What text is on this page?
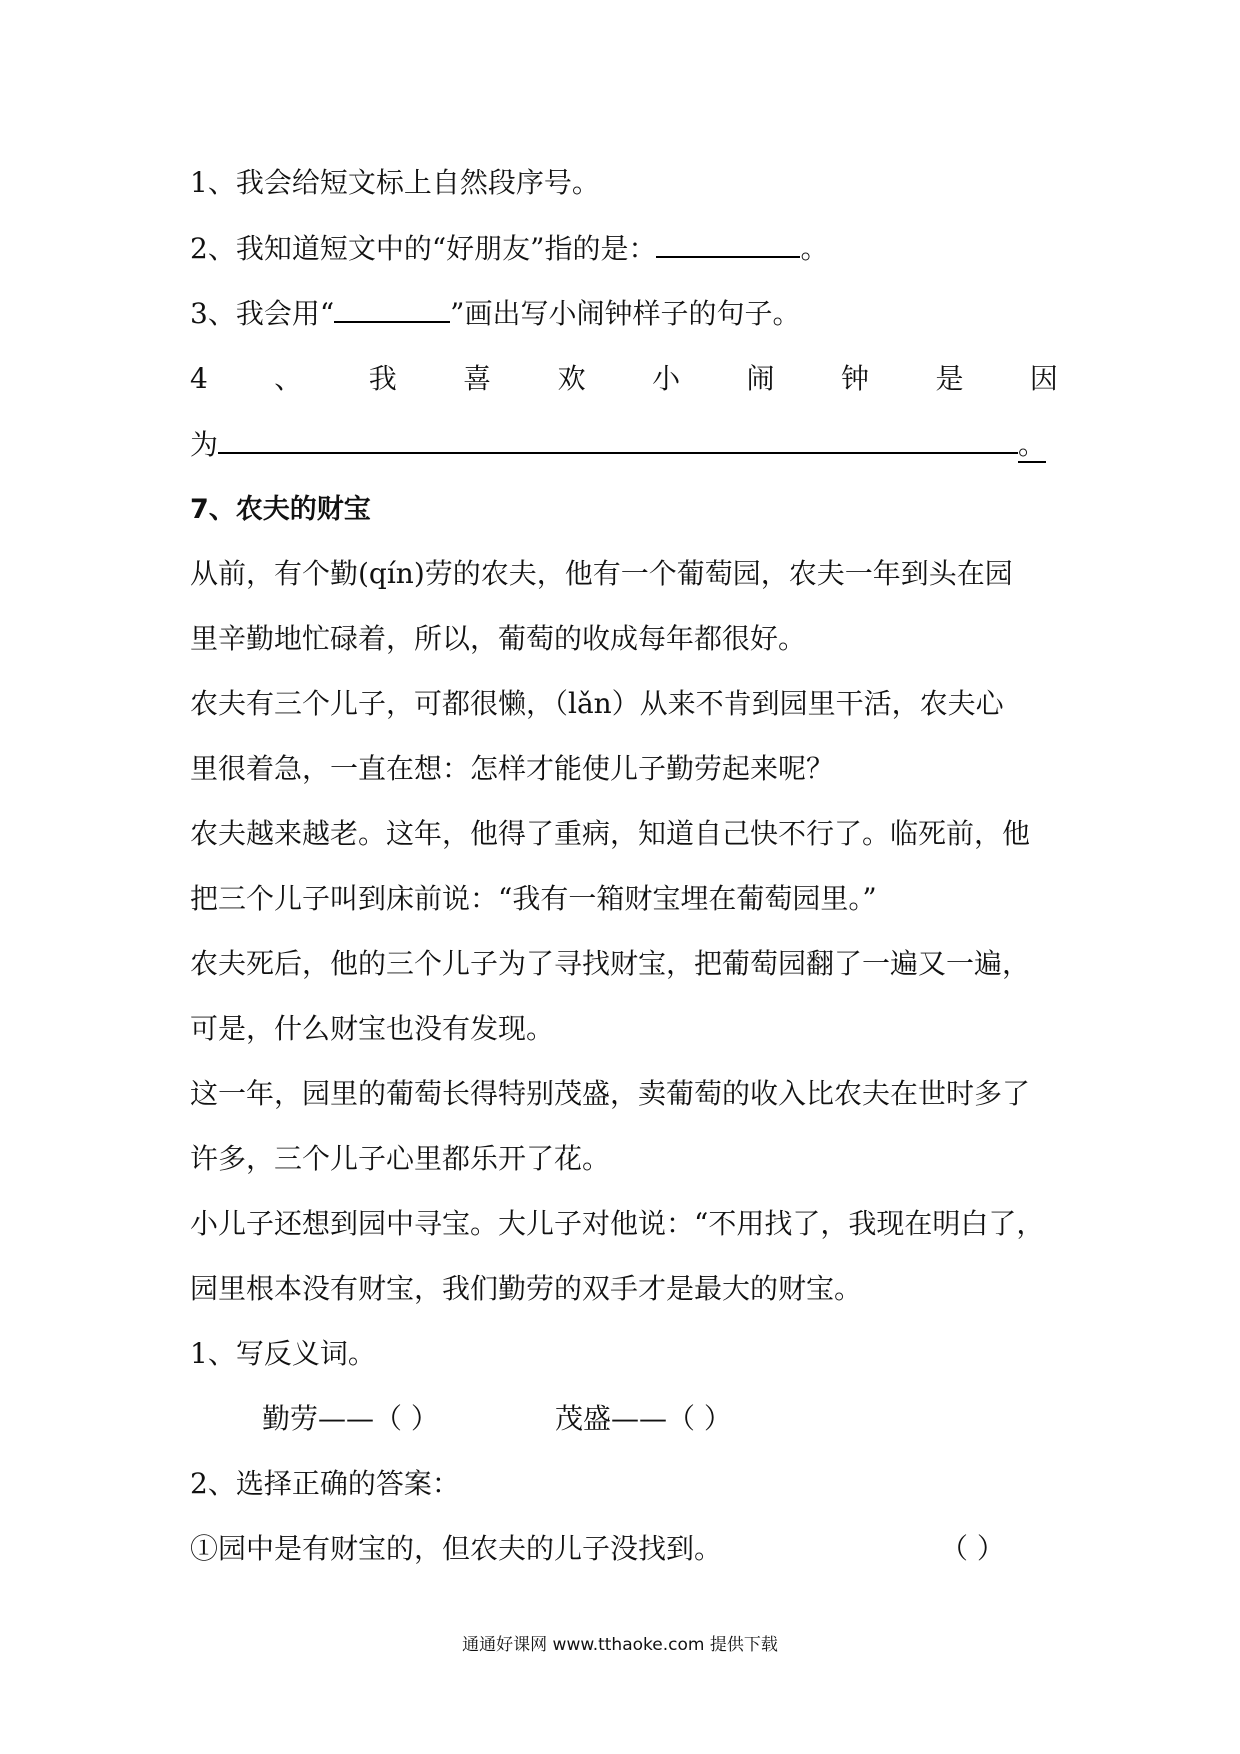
1、我会给短文标上自然段序号。
2、我知道短文中的“好朋友”指的是：	。
3、我会用“	”画出写小闹钟样子的句子。
4 、 我 喜 欢 小 闹 钟 是 因
为	。
7、农夫的财宝
从前，有个勤(qín)劳的农夫，他有一个葡萄园，农夫一年到头在园
里辛勤地忙碌着，所以，葡萄的收成每年都很好。
农夫有三个儿子，可都很懒，（lǎn）从来不肯到园里干活，农夫心
里很着急，一直在想：怎样才能使儿子勤劳起来呢？
农夫越来越老。这年，他得了重病，知道自己快不行了。临死前，他
把三个儿子叫到床前说：“我有一箱财宝埋在葡萄园里。”
农夫死后，他的三个儿子为了寻找财宝，把葡萄园翻了一遍又一遍，
可是，什么财宝也没有发现。
这一年，园里的葡萄长得特别茂盛，卖葡萄的收入比农夫在世时多了
许多，三个儿子心里都乐开了花。
小儿子还想到园中寻宝。大儿子对他说：“不用找了，我现在明白了，
园里根本没有财宝，我们勤劳的双手才是最大的财宝。
1、写反义词。
勤劳——（ ）	茂盛——（ ）
2、选择正确的答案：
①园中是有财宝的，但农夫的儿子没找到。	（ ）
通通好课网 www.tthaoke.com 提供下载
